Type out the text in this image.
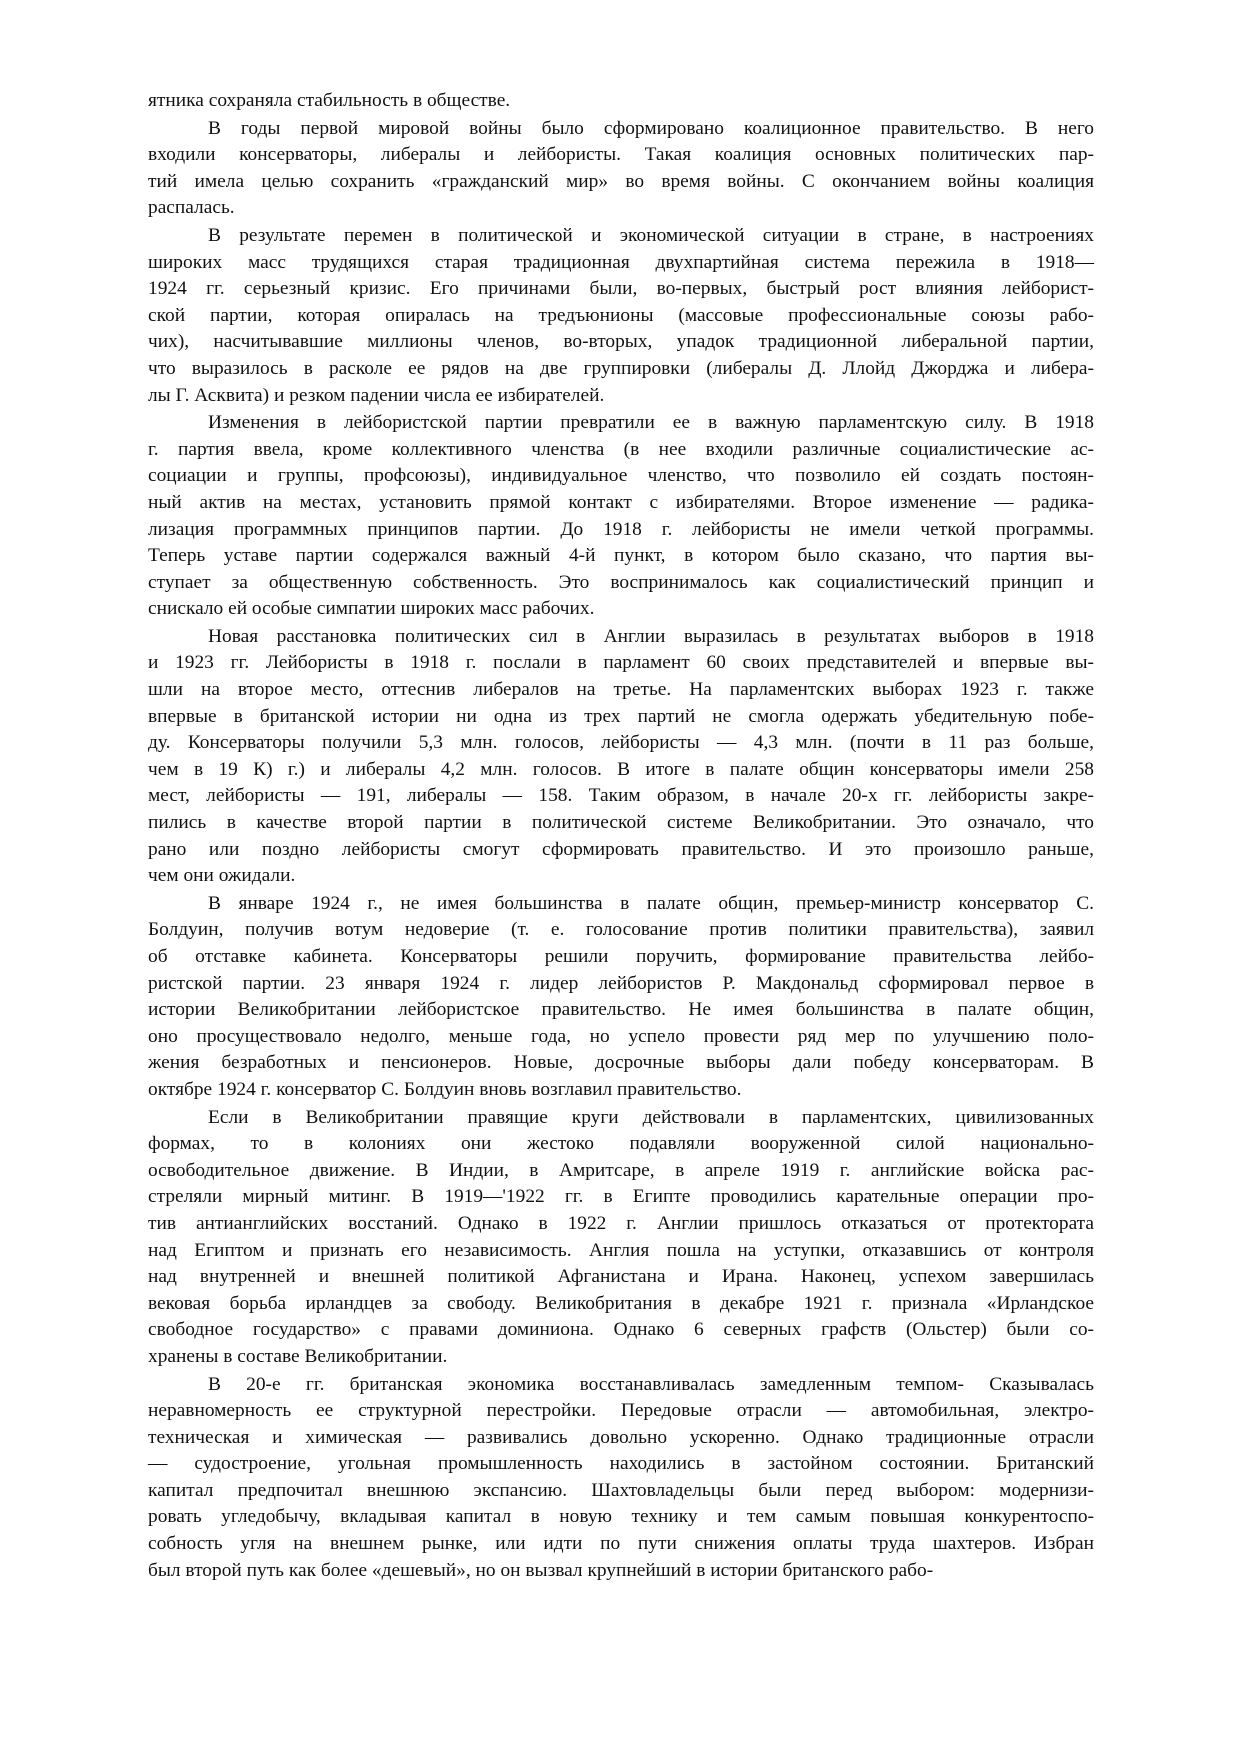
ятника сохраняла стабильность в обществе.
В годы первой мировой войны было сформировано коалиционное правительство. В него
входили консерваторы, либералы и лейбористы. Такая коалиция основных политических пар-
тий имела целью сохранить «гражданский мир» во время войны. С окончанием войны коалиция
распалась.
В результате перемен в политической и экономической ситуации в стране, в настроениях
широких масс трудящихся старая традиционная двухпартийная система пережила в 1918—
1924 гг. серьезный кризис. Его причинами были, во-первых, быстрый рост влияния лейборист-
ской партии, которая опиралась на тредъюнионы (массовые профессиональные союзы рабо-
чих), насчитывавшие миллионы членов, во-вторых, упадок традиционной либеральной партии,
что выразилось в расколе ее рядов на две группировки (либералы Д. Ллойд Джорджа и либера-
лы Г. Асквита) и резком падении числа ее избирателей.
Изменения в лейбористской партии превратили ее в важную парламентскую силу. В 1918
г. партия ввела, кроме коллективного членства (в нее входили различные социалистические ас-
социации и группы, профсоюзы), индивидуальное членство, что позволило ей создать постоян-
ный актив на местах, установить прямой контакт с избирателями. Второе изменение — радика-
лизация программных принципов партии. До 1918 г. лейбористы не имели четкой программы.
Теперь уставе партии содержался важный 4-й пункт, в котором было сказано, что партия вы-
ступает за общественную собственность. Это воспринималось как социалистический принцип и
снискало ей особые симпатии широких масс рабочих.
Новая расстановка политических сил в Англии выразилась в результатах выборов в 1918
и 1923 гг. Лейбористы в 1918 г. послали в парламент 60 своих представителей и впервые вы-
шли на второе место, оттеснив либералов на третье. На парламентских выборах 1923 г. также
впервые в британской истории ни одна из трех партий не смогла одержать убедительную побе-
ду. Консерваторы получили 5,3 млн. голосов, лейбористы — 4,3 млн. (почти в 11 раз больше,
чем в 19 К) г.) и либералы 4,2 млн. голосов. В итоге в палате общин консерваторы имели 258
мест, лейбористы — 191, либералы — 158. Таким образом, в начале 20-х гг. лейбористы закре-
пились в качестве второй партии в политической системе Великобритании. Это означало, что
рано или поздно лейбористы смогут сформировать правительство. И это произошло раньше,
чем они ожидали.
В январе 1924 г., не имея большинства в палате общин, премьер-министр консерватор С.
Болдуин, получив вотум недоверие (т. е. голосование против политики правительства), заявил
об отставке кабинета. Консерваторы решили поручить, формирование правительства лейбо-
ристской партии. 23 января 1924 г. лидер лейбористов Р. Макдональд сформировал первое в
истории Великобритании лейбористское правительство. Не имея большинства в палате общин,
оно просуществовало недолго, меньше года, но успело провести ряд мер по улучшению поло-
жения безработных и пенсионеров. Новые, досрочные выборы дали победу консерваторам. В
октябре 1924 г. консерватор С. Болдуин вновь возглавил правительство.
Если в Великобритании правящие круги действовали в парламентских, цивилизованных
формах, то в колониях они жестоко подавляли вооруженной силой национально-
освободительное движение. В Индии, в Амритсаре, в апреле 1919 г. английские войска рас-
стреляли мирный митинг. В 1919—'1922 гг. в Египте проводились карательные операции про-
тив антианглийских восстаний. Однако в 1922 г. Англии пришлось отказаться от протектората
над Египтом и признать его независимость. Англия пошла на уступки, отказавшись от контроля
над внутренней и внешней политикой Афганистана и Ирана. Наконец, успехом завершилась
вековая борьба ирландцев за свободу. Великобритания в декабре 1921 г. признала «Ирландское
свободное государство» с правами доминиона. Однако 6 северных графств (Ольстер) были со-
хранены в составе Великобритании.
В 20-е гг. британская экономика восстанавливалась замедленным темпом- Сказывалась
неравномерность ее структурной перестройки. Передовые отрасли — автомобильная, электро-
техническая и химическая — развивались довольно ускоренно. Однако традиционные отрасли
— судостроение, угольная промышленность находились в застойном состоянии. Британский
капитал предпочитал внешнюю экспансию. Шахтовладельцы были перед выбором: модернизи-
ровать угледобычу, вкладывая капитал в новую технику и тем самым повышая конкурентоспо-
собность угля на внешнем рынке, или идти по пути снижения оплаты труда шахтеров. Избран
был второй путь как более «дешевый», но он вызвал крупнейший в истории британского рабо-
